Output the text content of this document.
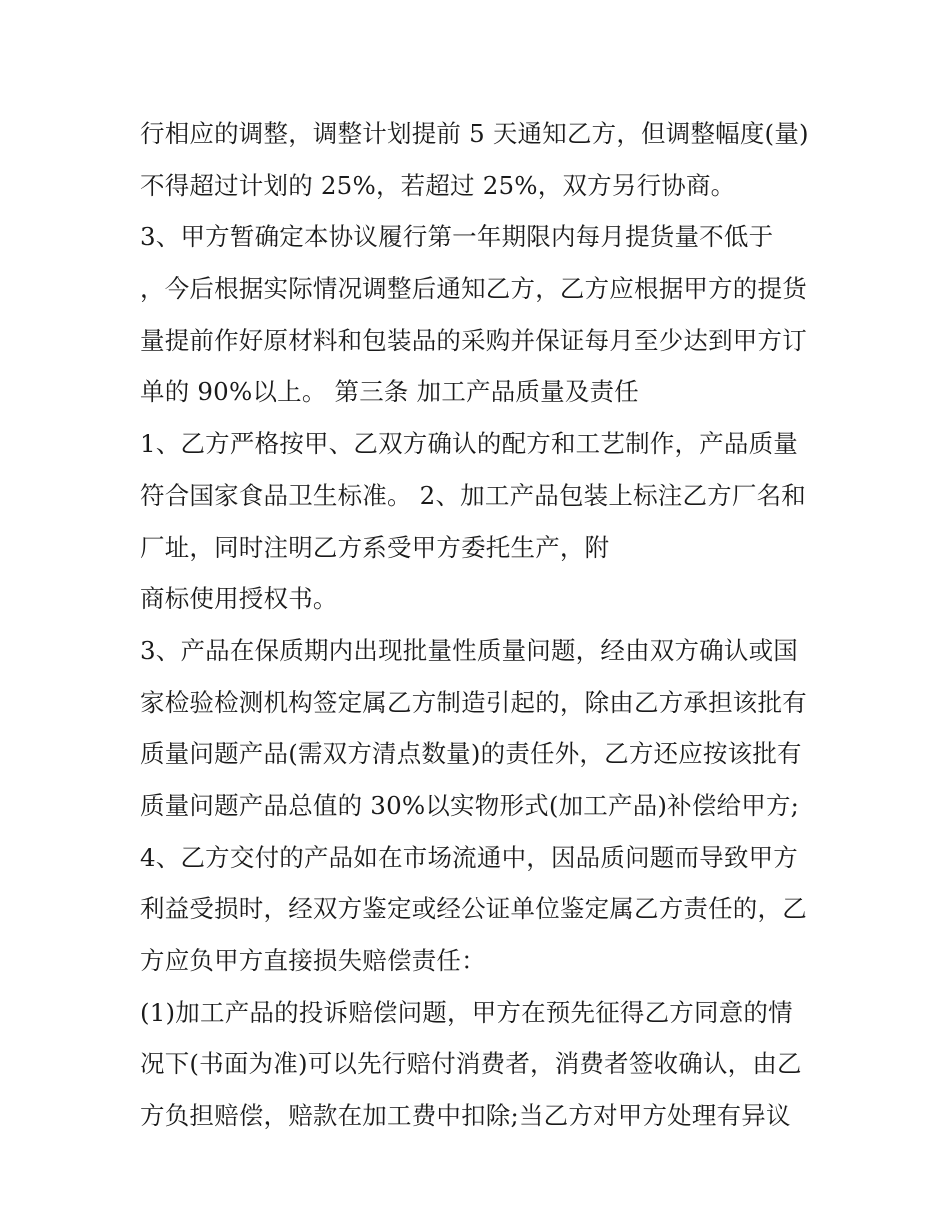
行相应的调整，调整计划提前 5 天通知乙方，但调整幅度(量)
不得超过计划的 25%，若超过 25%，双方另行协商。
3、甲方暂确定本协议履行第一年期限内每月提货量不低于
，今后根据实际情况调整后通知乙方，乙方应根据甲方的提货
量提前作好原材料和包装品的采购并保证每月至少达到甲方订
单的 90%以上。 第三条 加工产品质量及责任
1、乙方严格按甲、乙双方确认的配方和工艺制作，产品质量
符合国家食品卫生标准。 2、加工产品包装上标注乙方厂名和
厂址，同时注明乙方系受甲方委托生产，附
商标使用授权书。
3、产品在保质期内出现批量性质量问题，经由双方确认或国
家检验检测机构签定属乙方制造引起的，除由乙方承担该批有
质量问题产品(需双方清点数量)的责任外，乙方还应按该批有
质量问题产品总值的 30%以实物形式(加工产品)补偿给甲方;
4、乙方交付的产品如在市场流通中，因品质问题而导致甲方
利益受损时，经双方鉴定或经公证单位鉴定属乙方责任的，乙
方应负甲方直接损失赔偿责任：
(1)加工产品的投诉赔偿问题，甲方在预先征得乙方同意的情
况下(书面为准)可以先行赔付消费者，消费者签收确认，由乙
方负担赔偿，赔款在加工费中扣除;当乙方对甲方处理有异议
